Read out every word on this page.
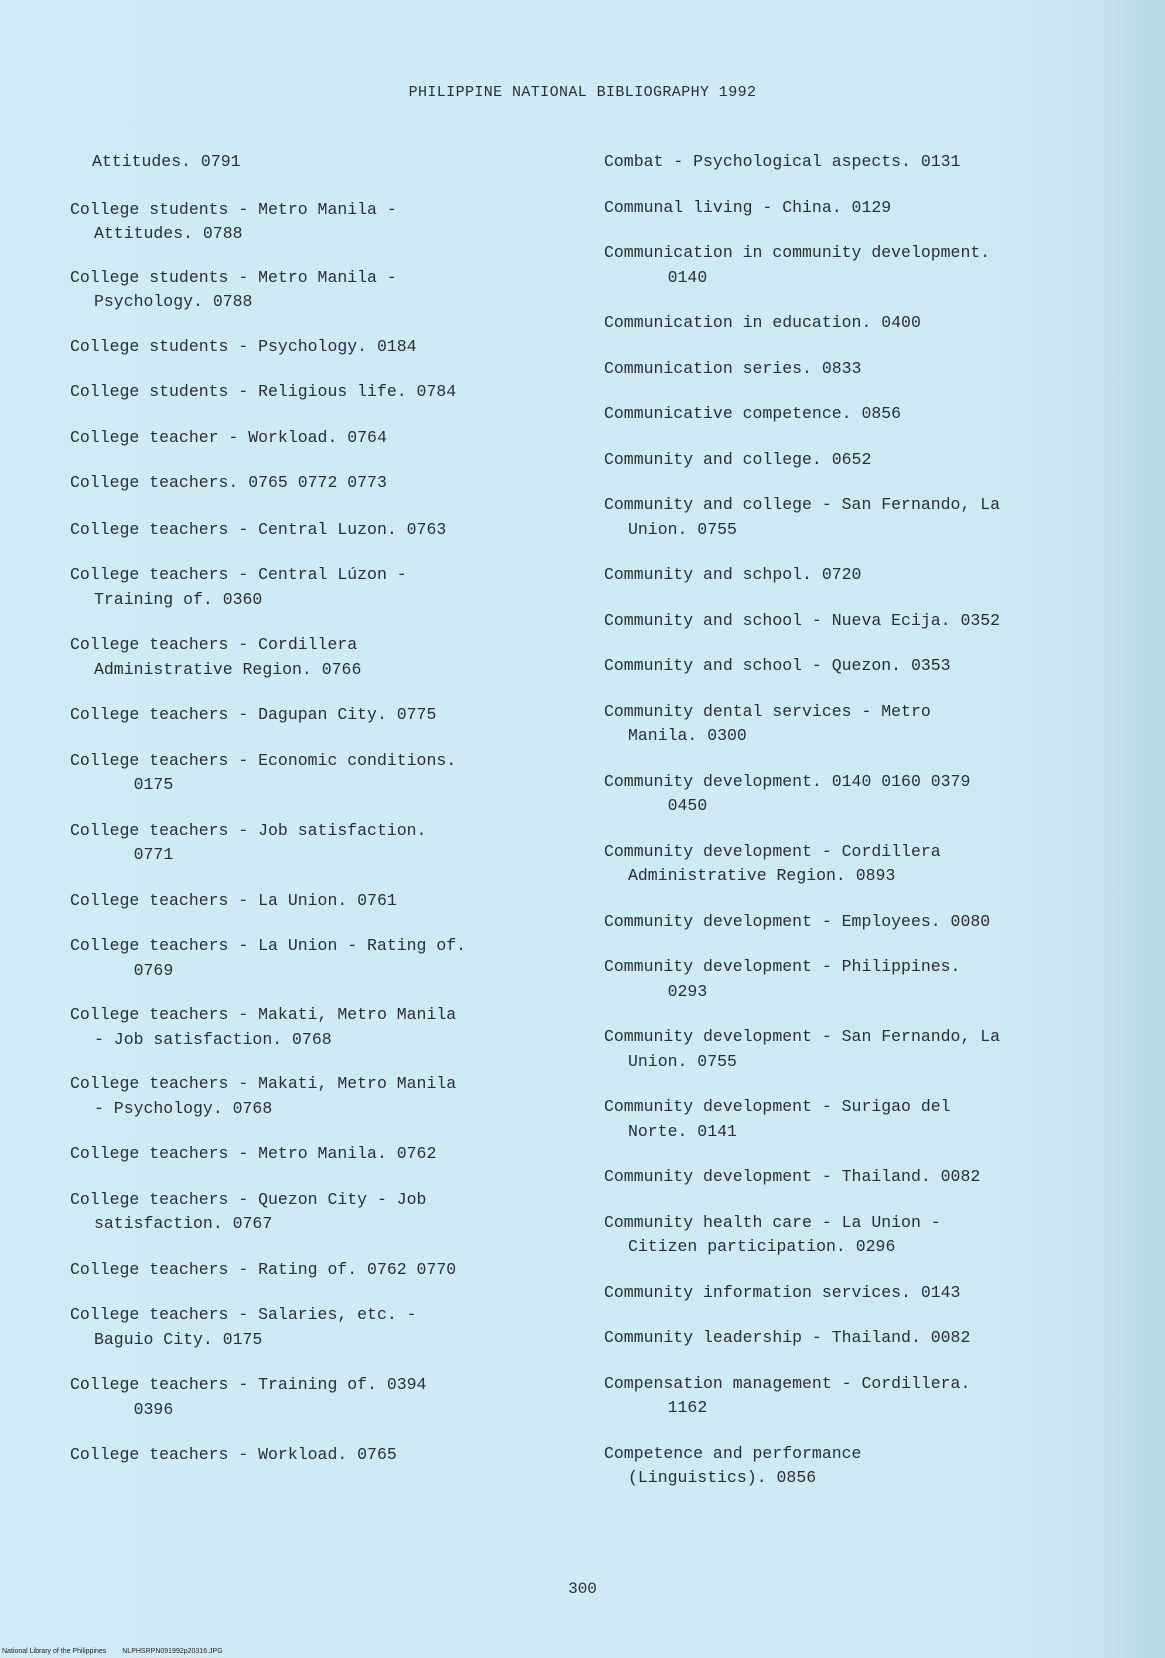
PHILIPPINE NATIONAL BIBLIOGRAPHY 1992

Attitudes. 0791

College students - Metro Manila -
Attitudes. 0788

College students - Metro Manila -
Psychology. 0788

College students - Psychology. 0184

College students - Religious life. 0784

College teacher - Workload. 0764

College teachers. 0765 0772 0773

College teachers - Central Luzon. 0763

College teachers - Central Lúzon -
Training of. 0360

College teachers - Cordillera
Administrative Region. 0766

College teachers - Dagupan City. 0775

College teachers - Economic conditions.
0175

College teachers - Job satisfaction.
0771

College teachers - La Union. 0761

College teachers - La Union - Rating of.
0769

College teachers - Makati, Metro Manila
- Job satisfaction. 0768

College teachers - Makati, Metro Manila
- Psychology. 0768

College teachers - Metro Manila. 0762

College teachers - Quezon City - Job
satisfaction. 0767

College teachers - Rating of. 0762 0770

College teachers - Salaries, etc. -
Baguio City. 0175

College teachers - Training of. 0394
0396

College teachers - Workload. 0765

Combat - Psychological aspects. 0131

Communal living - China. 0129

Communication in community development.
0140

Communication in education. 0400

Communication series. 0833

Communicative competence. 0856

Community and college. 0652

Community and college - San Fernando, La
Union. 0755

Community and schpol. 0720

Community and school - Nueva Ecija. 0352

Community and school - Quezon. 0353

Community dental services - Metro
Manila. 0300

Community development. 0140 0160 0379
0450

Community development - Cordillera
Administrative Region. 0893

Community development - Employees. 0080

Community development - Philippines.
0293

Community development - San Fernando, La
Union. 0755

Community development - Surigao del
Norte. 0141

Community development - Thailand. 0082

Community health care - La Union -
Citizen participation. 0296

Community information services. 0143

Community leadership - Thailand. 0082

Compensation management - Cordillera.
1162

Competence and performance
(Linguistics). 0856

300
National Library of the Philippines NLPHSRPN091992p20316.JPG
